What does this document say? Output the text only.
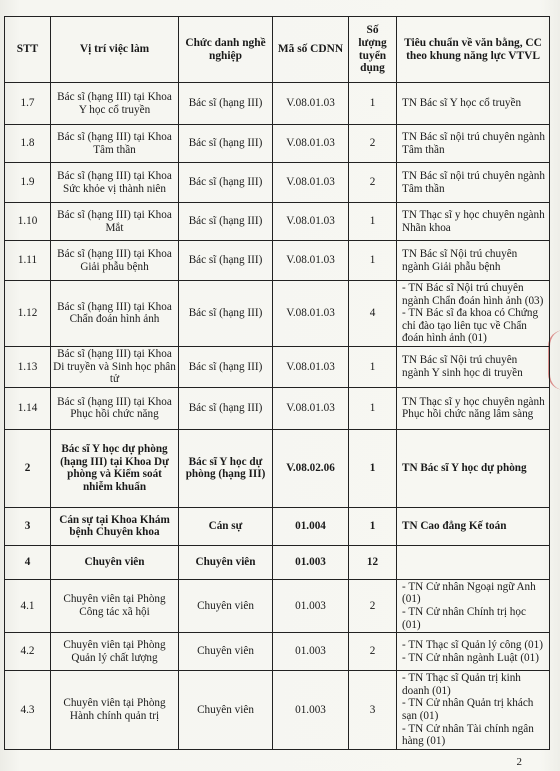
STT	Vị trí việc làm	Chức danh nghề nghiệp	Mã số CDNN	Số lượng tuyển dụng	Tiêu chuẩn về văn bằng, CC theo khung năng lực VTVL
1.7	Bác sĩ (hạng III) tại Khoa Y học cổ truyền	Bác sĩ (hạng III)	V.08.01.03	1	TN Bác sĩ Y học cổ truyền

1.8	Bác sĩ (hạng III) tại Khoa Tâm thần	Bác sĩ (hạng III)	V.08.01.03	2	TN Bác sĩ nội trú chuyên ngành Tâm thần

1.9	Bác sĩ (hạng III) tại Khoa Sức khỏe vị thành niên	Bác sĩ (hạng III)	V.08.01.03	2	TN Bác sĩ nội trú chuyên ngành Tâm thần

1.10	Bác sĩ (hạng III) tại Khoa Mắt	Bác sĩ (hạng III)	V.08.01.03	1	TN Thạc sĩ y học chuyên ngành Nhãn khoa

1.11	Bác sĩ (hạng III) tại Khoa Giải phẫu bệnh	Bác sĩ (hạng III)	V.08.01.03	1	TN Bác sĩ Nội trú chuyên ngành Giải phẫu bệnh

1.12	Bác sĩ (hạng III) tại Khoa Chẩn đoán hình ảnh	Bác sĩ (hạng III)	V.08.01.03	4	- TN Bác sĩ Nội trú chuyên ngành Chẩn đoán hình ảnh (03)
- TN Bác sĩ đa khoa có Chứng chỉ đào tạo liên tục về Chẩn đoán hình ảnh (01)

1.13	Bác sĩ (hạng III) tại Khoa Di truyền và Sinh học phân tử	Bác sĩ (hạng III)	V.08.01.03	1	TN Bác sĩ Nội trú chuyên ngành Y sinh học di truyền

1.14	Bác sĩ (hạng III) tại Khoa Phục hồi chức năng	Bác sĩ (hạng III)	V.08.01.03	1	TN Thạc sĩ y học chuyên ngành Phục hồi chức năng lâm sàng

2	Bác sĩ Y học dự phòng (hạng III) tại Khoa Dự phòng và Kiểm soát nhiễm khuẩn	Bác sĩ Y học dự phòng (hạng III)	V.08.02.06	1	TN Bác sĩ Y học dự phòng

3	Cán sự tại Khoa Khám bệnh Chuyên khoa	Cán sự	01.004	1	TN Cao đẳng Kế toán

4	Chuyên viên	Chuyên viên	01.003	12	
4.1	Chuyên viên tại Phòng Công tác xã hội	Chuyên viên	01.003	2	- TN Cử nhân Ngoại ngữ Anh (01)
- TN Cử nhân Chính trị học (01)

4.2	Chuyên viên tại Phòng Quản lý chất lượng	Chuyên viên	01.003	2	- TN Thạc sĩ Quản lý công (01)
- TN Cử nhân ngành Luật (01)

4.3	Chuyên viên tại Phòng Hành chính quản trị	Chuyên viên	01.003	3	- TN Thạc sĩ Quản trị kinh doanh (01)
- TN Cử nhân Quản trị khách sạn (01)
- TN Cử nhân Tài chính ngân hàng (01)
2
